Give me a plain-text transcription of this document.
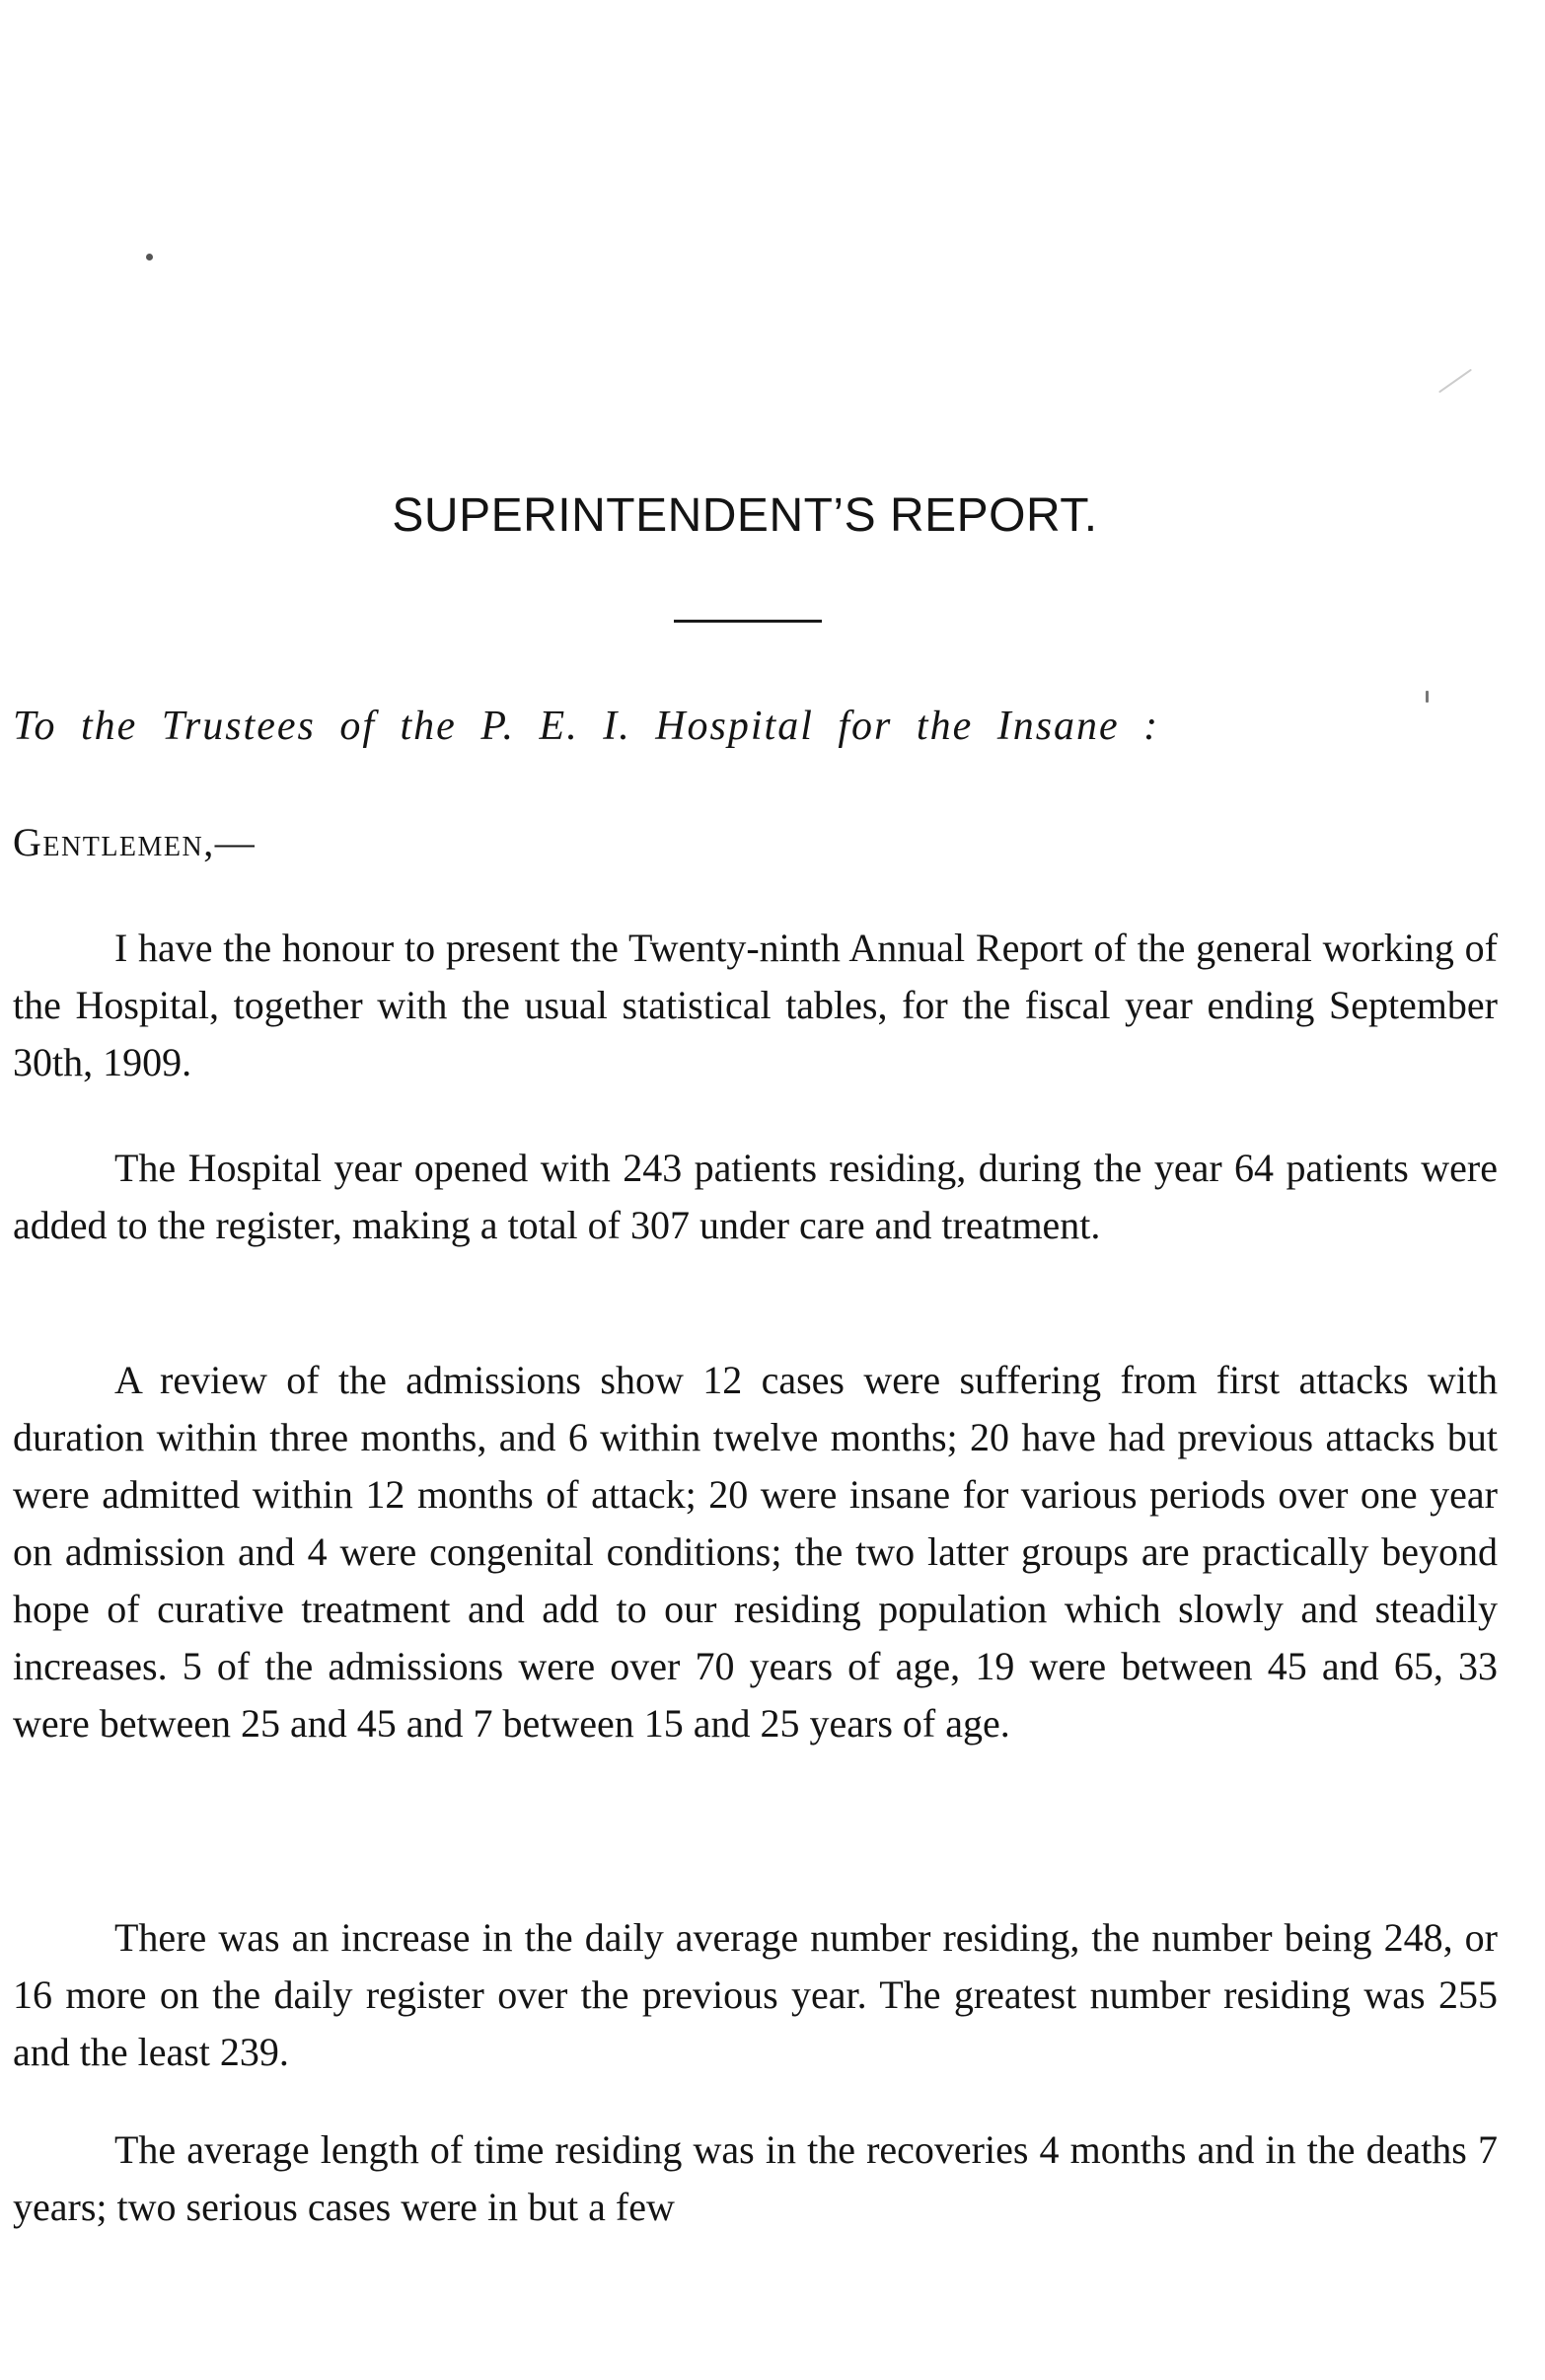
SUPERINTENDENT’S REPORT.

To the Trustees of the P. E. I. Hospital for the Insane :

Gentlemen,—

I have the honour to present the Twenty-ninth Annual Report of the general working of the Hospital, together with the usual statistical tables, for the fiscal year ending September 30th, 1909.

The Hospital year opened with 243 patients residing, during the year 64 patients were added to the register, making a total of 307 under care and treatment.

A review of the admissions show 12 cases were suffering from first attacks with duration within three months, and 6 within twelve months; 20 have had previous attacks but were admitted within 12 months of attack; 20 were insane for various periods over one year on admission and 4 were congenital conditions; the two latter groups are practically beyond hope of curative treatment and add to our residing population which slowly and steadily increases. 5 of the admissions were over 70 years of age, 19 were between 45 and 65, 33 were between 25 and 45 and 7 between 15 and 25 years of age.

There was an increase in the daily average number residing, the number being 248, or 16 more on the daily register over the previous year. The greatest number residing was 255 and the least 239.

The average length of time residing was in the recoveries 4 months and in the deaths 7 years; two serious cases were in but a few
